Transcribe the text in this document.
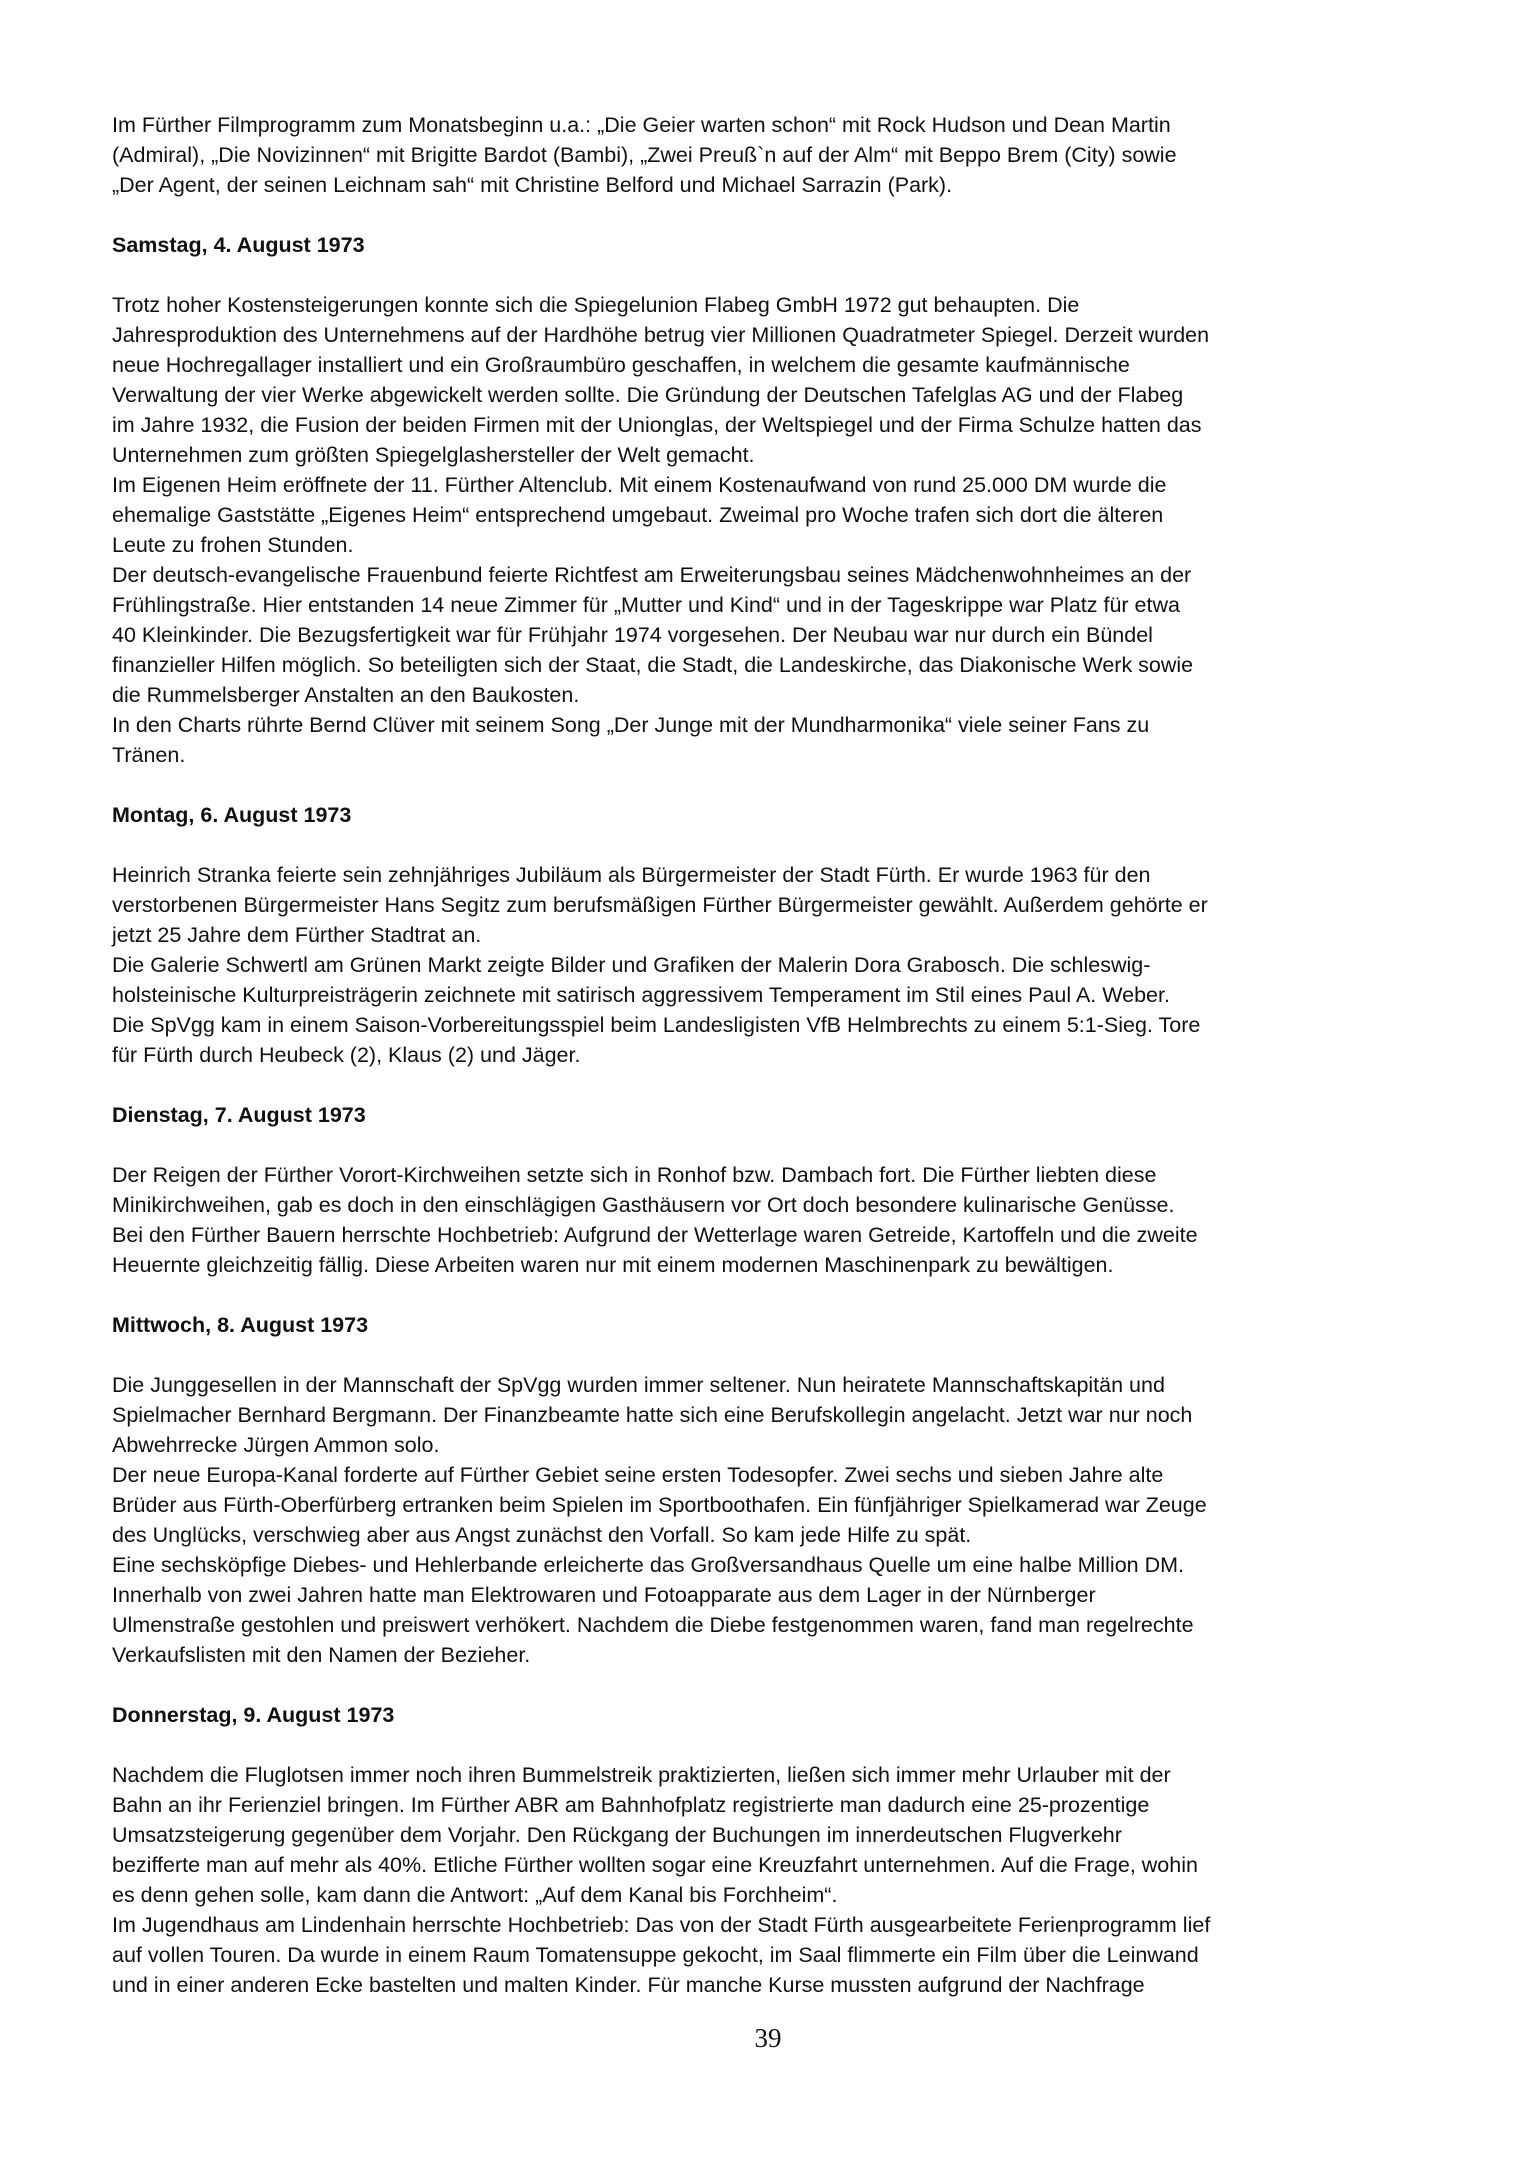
Im Fürther Filmprogramm zum Monatsbeginn u.a.: „Die Geier warten schon“ mit Rock Hudson und Dean Martin
(Admiral), „Die Novizinnen“ mit Brigitte Bardot (Bambi), „Zwei Preuß`n auf der Alm“ mit Beppo Brem (City) sowie
„Der Agent, der seinen Leichnam sah“ mit Christine Belford und Michael Sarrazin (Park).
Samstag, 4. August 1973
Trotz hoher Kostensteigerungen konnte sich die Spiegelunion Flabeg GmbH 1972 gut behaupten. Die
Jahresproduktion des Unternehmens auf der Hardhöhe betrug vier Millionen Quadratmeter Spiegel. Derzeit wurden
neue Hochregallager installiert und ein Großraumbüro geschaffen, in welchem die gesamte kaufmännische
Verwaltung der vier Werke abgewickelt werden sollte. Die Gründung der Deutschen Tafelglas AG und der Flabeg
im Jahre 1932, die Fusion der beiden Firmen mit der Unionglas, der Weltspiegel und der Firma Schulze hatten das
Unternehmen zum größten Spiegelglashersteller der Welt gemacht.
Im Eigenen Heim eröffnete der 11. Fürther Altenclub. Mit einem Kostenaufwand von rund 25.000 DM wurde die
ehemalige Gaststätte „Eigenes Heim“ entsprechend umgebaut. Zweimal pro Woche trafen sich dort die älteren
Leute zu frohen Stunden.
Der deutsch-evangelische Frauenbund feierte Richtfest am Erweiterungsbau seines Mädchenwohnheimes an der
Frühlingstraße. Hier entstanden 14 neue Zimmer für „Mutter und Kind“ und in der Tageskrippe war Platz für etwa
40 Kleinkinder. Die Bezugsfertigkeit war für Frühjahr 1974 vorgesehen. Der Neubau war nur durch ein Bündel
finanzieller Hilfen möglich. So beteiligten sich der Staat, die Stadt, die Landeskirche, das Diakonische Werk sowie
die Rummelsberger Anstalten an den Baukosten.
In den Charts rührte Bernd Clüver mit seinem Song „Der Junge mit der Mundharmonika“ viele seiner Fans zu
Tränen.
Montag, 6. August 1973
Heinrich Stranka feierte sein zehnjähriges Jubiläum als Bürgermeister der Stadt Fürth. Er wurde 1963 für den
verstorbenen Bürgermeister Hans Segitz zum berufsmäßigen Fürther Bürgermeister gewählt. Außerdem gehörte er
jetzt 25 Jahre dem Fürther Stadtrat an.
Die Galerie Schwertl am Grünen Markt zeigte Bilder und Grafiken der Malerin Dora Grabosch. Die schleswig-
holsteinische Kulturpreisträgerin zeichnete mit satirisch aggressivem Temperament im Stil eines Paul A. Weber.
Die SpVgg kam in einem Saison-Vorbereitungsspiel beim Landesligisten VfB Helmbrechts zu einem 5:1-Sieg. Tore
für Fürth durch Heubeck (2), Klaus (2) und Jäger.
Dienstag, 7. August 1973
Der Reigen der Fürther Vorort-Kirchweihen setzte sich in Ronhof bzw. Dambach fort. Die Fürther liebten diese
Minikirchweihen, gab es doch in den einschlägigen Gasthäusern vor Ort doch besondere kulinarische Genüsse.
Bei den Fürther Bauern herrschte Hochbetrieb: Aufgrund der Wetterlage waren Getreide, Kartoffeln und die zweite
Heuernte gleichzeitig fällig. Diese Arbeiten waren nur mit einem modernen Maschinenpark zu bewältigen.
Mittwoch, 8. August 1973
Die Junggesellen in der Mannschaft der SpVgg wurden immer seltener. Nun heiratete Mannschaftskapitän und
Spielmacher Bernhard Bergmann. Der Finanzbeamte hatte sich eine Berufskollegin angelacht. Jetzt war nur noch
Abwehrrecke Jürgen Ammon solo.
Der neue Europa-Kanal forderte auf Fürther Gebiet seine ersten Todesopfer. Zwei sechs und sieben Jahre alte
Brüder aus Fürth-Oberfürberg ertranken beim Spielen im Sportboothafen. Ein fünfjähriger Spielkamerad war Zeuge
des Unglücks, verschwieg aber aus Angst zunächst den Vorfall. So kam jede Hilfe zu spät.
Eine sechsköpfige Diebes- und Hehlerbande erleicherte das Großversandhaus Quelle um eine halbe Million DM.
Innerhalb von zwei Jahren hatte man Elektrowaren und Fotoapparate aus dem Lager in der Nürnberger
Ulmenstraße gestohlen und preiswert verhökert. Nachdem die Diebe festgenommen waren, fand man regelrechte
Verkaufslisten mit den Namen der Bezieher.
Donnerstag, 9. August 1973
Nachdem die Fluglotsen immer noch ihren Bummelstreik praktizierten, ließen sich immer mehr Urlauber mit der
Bahn an ihr Ferienziel bringen. Im Fürther ABR am Bahnhofplatz registrierte man dadurch eine 25-prozentige
Umsatzsteigerung gegenüber dem Vorjahr. Den Rückgang der Buchungen im innerdeutschen Flugverkehr
bezifferte man auf mehr als 40%. Etliche Fürther wollten sogar eine Kreuzfahrt unternehmen. Auf die Frage, wohin
es denn gehen solle, kam dann die Antwort: „Auf dem Kanal bis Forchheim“.
Im Jugendhaus am Lindenhain herrschte Hochbetrieb: Das von der Stadt Fürth ausgearbeitete Ferienprogramm lief
auf vollen Touren. Da wurde in einem Raum Tomatensuppe gekocht, im Saal flimmerte ein Film über die Leinwand
und in einer anderen Ecke bastelten und malten Kinder. Für manche Kurse mussten aufgrund der Nachfrage
39
